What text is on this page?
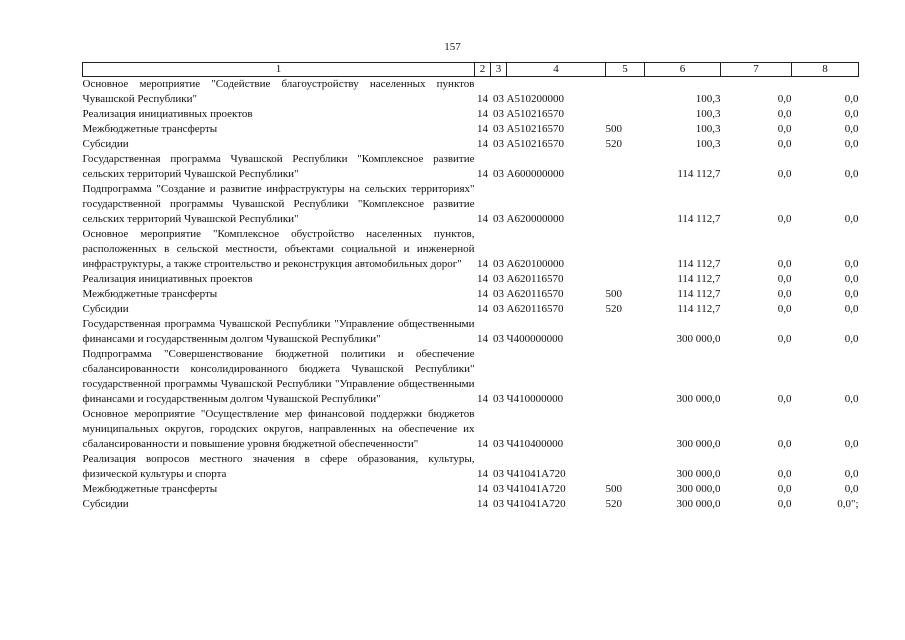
157
1	2	3	4	5	6	7	8
Основное мероприятие "Содействие благоустройству населенных пунктов Чувашской Республики"	14	03	А510200000		100,3	0,0	0,0
Реализация инициативных проектов	14	03	А510216570		100,3	0,0	0,0
Межбюджетные трансферты	14	03	А510216570	500	100,3	0,0	0,0
Субсидии	14	03	А510216570	520	100,3	0,0	0,0
Государственная программа Чувашской Республики "Комплексное развитие сельских территорий Чувашской Республики"	14	03	А600000000		114 112,7	0,0	0,0
Подпрограмма "Создание и развитие инфраструктуры на сельских территориях" государственной программы Чувашской Республики "Комплексное развитие сельских территорий Чувашской Республики"	14	03	А620000000		114 112,7	0,0	0,0
Основное мероприятие "Комплексное обустройство населенных пунктов, расположенных в сельской местности, объектами социальной и инженерной инфраструктуры, а также строительство и реконструкция автомобильных дорог"	14	03	А620100000		114 112,7	0,0	0,0
Реализация инициативных проектов	14	03	А620116570		114 112,7	0,0	0,0
Межбюджетные трансферты	14	03	А620116570	500	114 112,7	0,0	0,0
Субсидии	14	03	А620116570	520	114 112,7	0,0	0,0
Государственная программа Чувашской Республики "Управление общественными финансами и государственным долгом Чувашской Республики"	14	03	Ч400000000		300 000,0	0,0	0,0
Подпрограмма "Совершенствование бюджетной политики и обеспечение сбалансированности консолидированного бюджета Чувашской Республики" государственной программы Чувашской Республики "Управление общественными финансами и государственным долгом Чувашской Республики"	14	03	Ч410000000		300 000,0	0,0	0,0
Основное мероприятие "Осуществление мер финансовой поддержки бюджетов муниципальных округов, городских округов, направленных на обеспечение их сбалансированности и повышение уровня бюджетной обеспеченности"	14	03	Ч410400000		300 000,0	0,0	0,0
Реализация вопросов местного значения в сфере образования, культуры, физической культуры и спорта	14	03	Ч41041А720		300 000,0	0,0	0,0
Межбюджетные трансферты	14	03	Ч41041А720	500	300 000,0	0,0	0,0
Субсидии	14	03	Ч41041А720	520	300 000,0	0,0	0,0";
